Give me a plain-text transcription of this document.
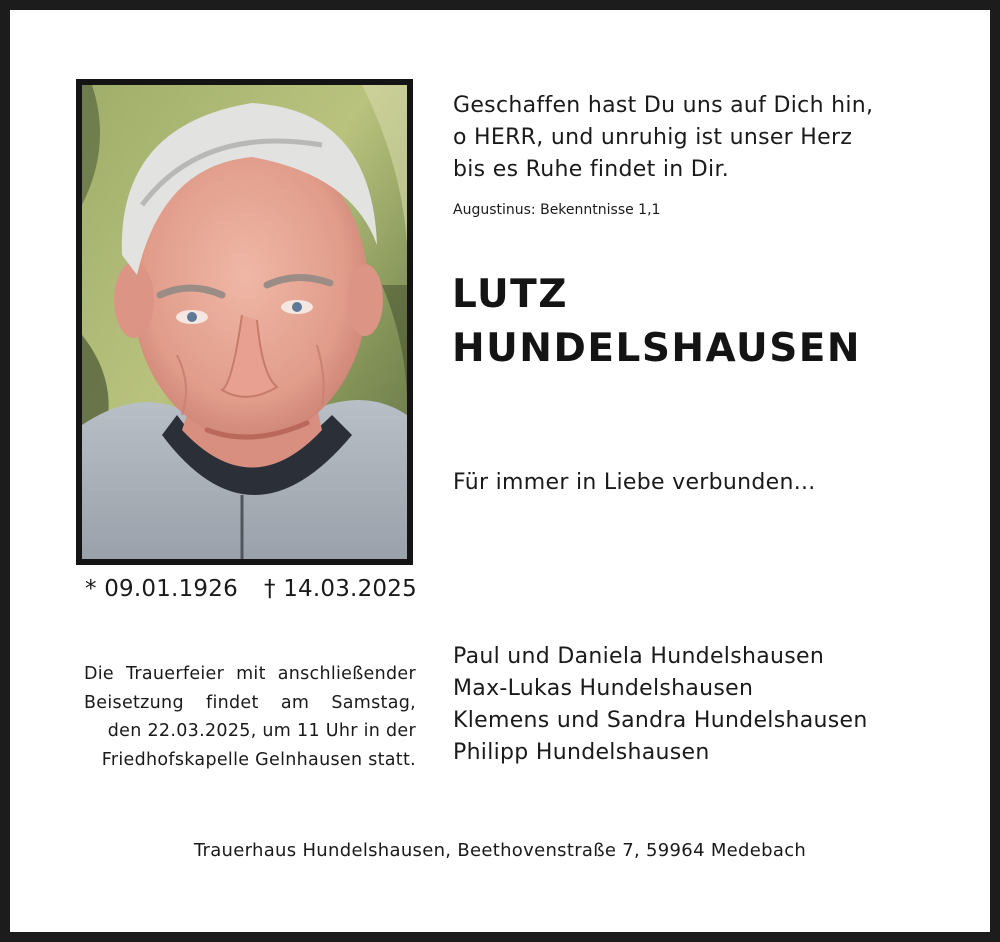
* 09.01.1926 † 14.03.2025
Die Trauerfeier mit anschließender
Beisetzung findet am Samstag,
den 22.03.2025, um 11 Uhr in der
Friedhofskapelle Gelnhausen statt.
Geschaffen hast Du uns auf Dich hin,
o HERR, und unruhig ist unser Herz
bis es Ruhe findet in Dir.
Augustinus: Bekenntnisse 1,1
LUTZ
HUNDELSHAUSEN
Für immer in Liebe verbunden...
Paul und Daniela Hundelshausen
Max-Lukas Hundelshausen
Klemens und Sandra Hundelshausen
Philipp Hundelshausen
Trauerhaus Hundelshausen, Beethovenstraße 7, 59964 Medebach
